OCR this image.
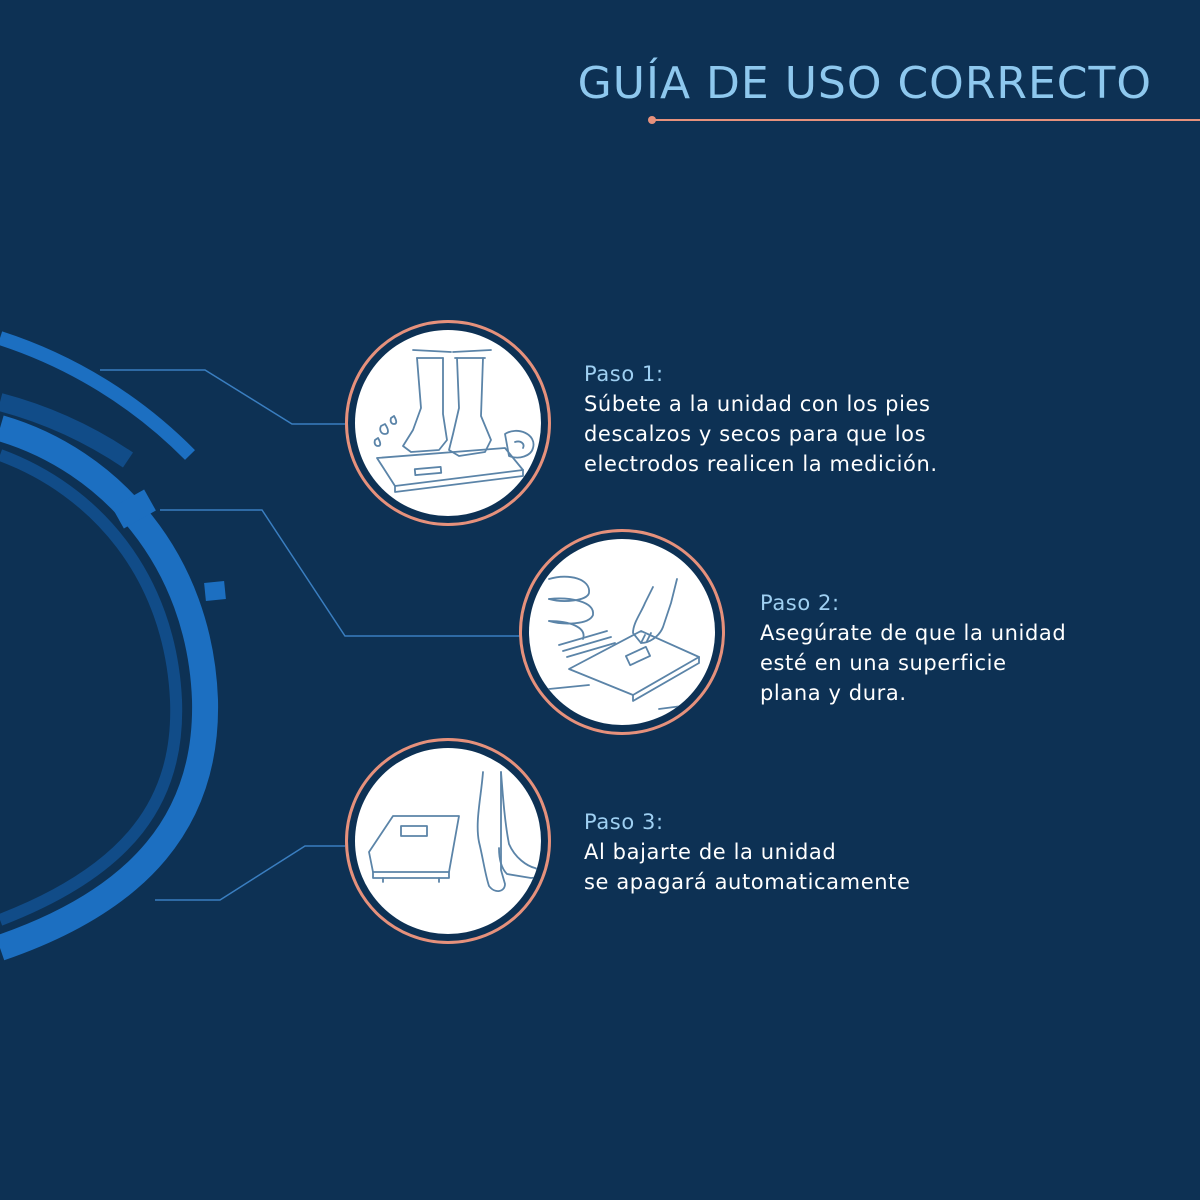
GUÍA DE USO CORRECTO

Paso 1:

Súbete a la unidad con los pies
descalzos y secos para que los
electrodos realicen la medición.

Paso 2:

Asegúrate de que la unidad
esté en una superficie
plana y dura.

Paso 3:

Al bajarte de la unidad
se apagará automaticamente
